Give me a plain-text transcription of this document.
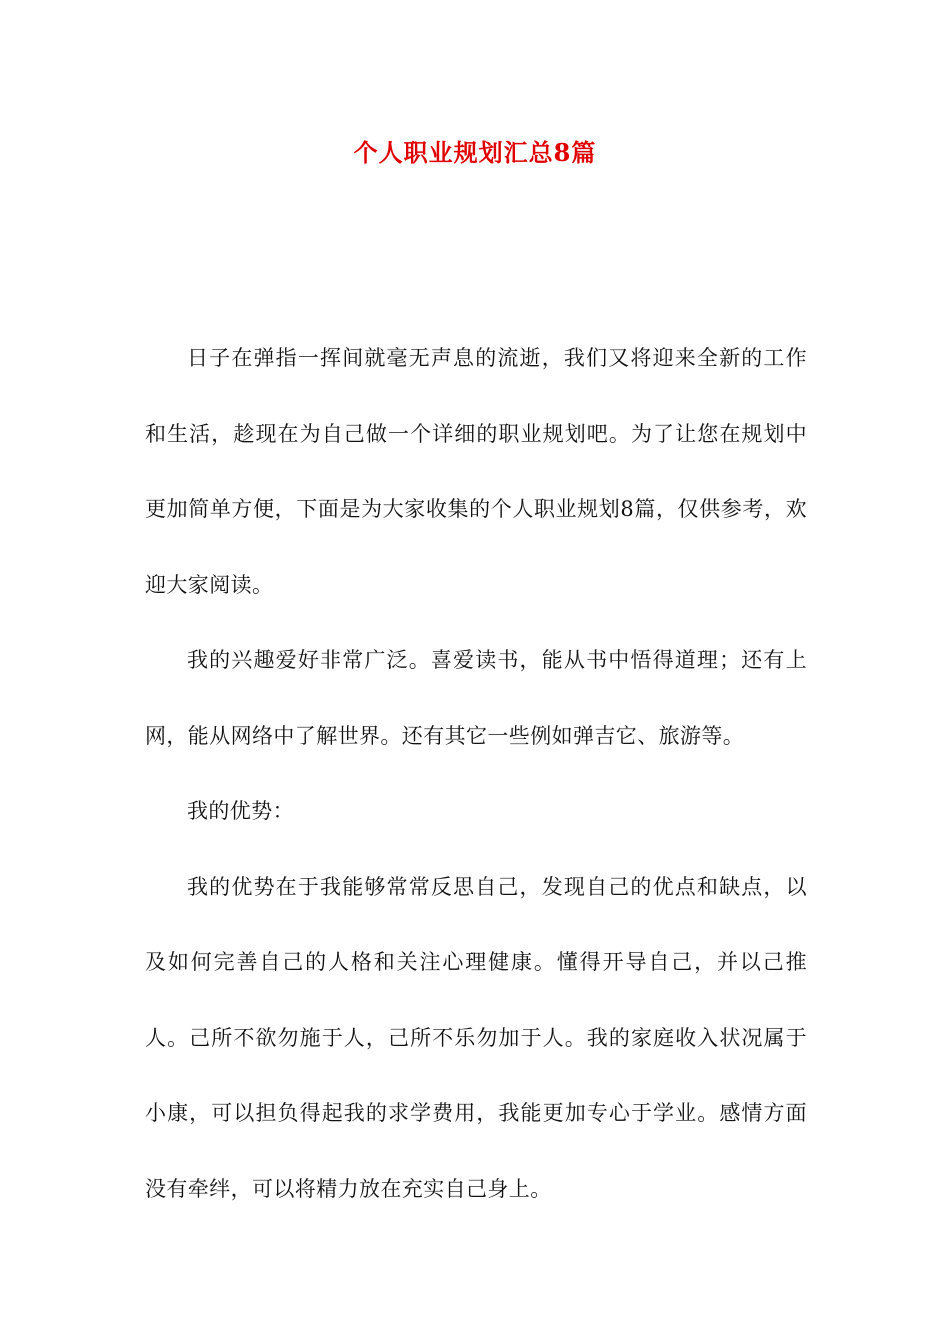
个人职业规划汇总8篇

日子在弹指一挥间就毫无声息的流逝，我们又将迎来全新的工作和生活，趁现在为自己做一个详细的职业规划吧。为了让您在规划中更加简单方便，下面是为大家收集的个人职业规划8篇，仅供参考，欢迎大家阅读。

我的兴趣爱好非常广泛。喜爱读书，能从书中悟得道理；还有上网，能从网络中了解世界。还有其它一些例如弹吉它、旅游等。

我的优势：

我的优势在于我能够常常反思自己，发现自己的优点和缺点，以及如何完善自己的人格和关注心理健康。懂得开导自己，并以己推人。己所不欲勿施于人，己所不乐勿加于人。我的家庭收入状况属于小康，可以担负得起我的求学费用，我能更加专心于学业。感情方面没有牵绊，可以将精力放在充实自己身上。
